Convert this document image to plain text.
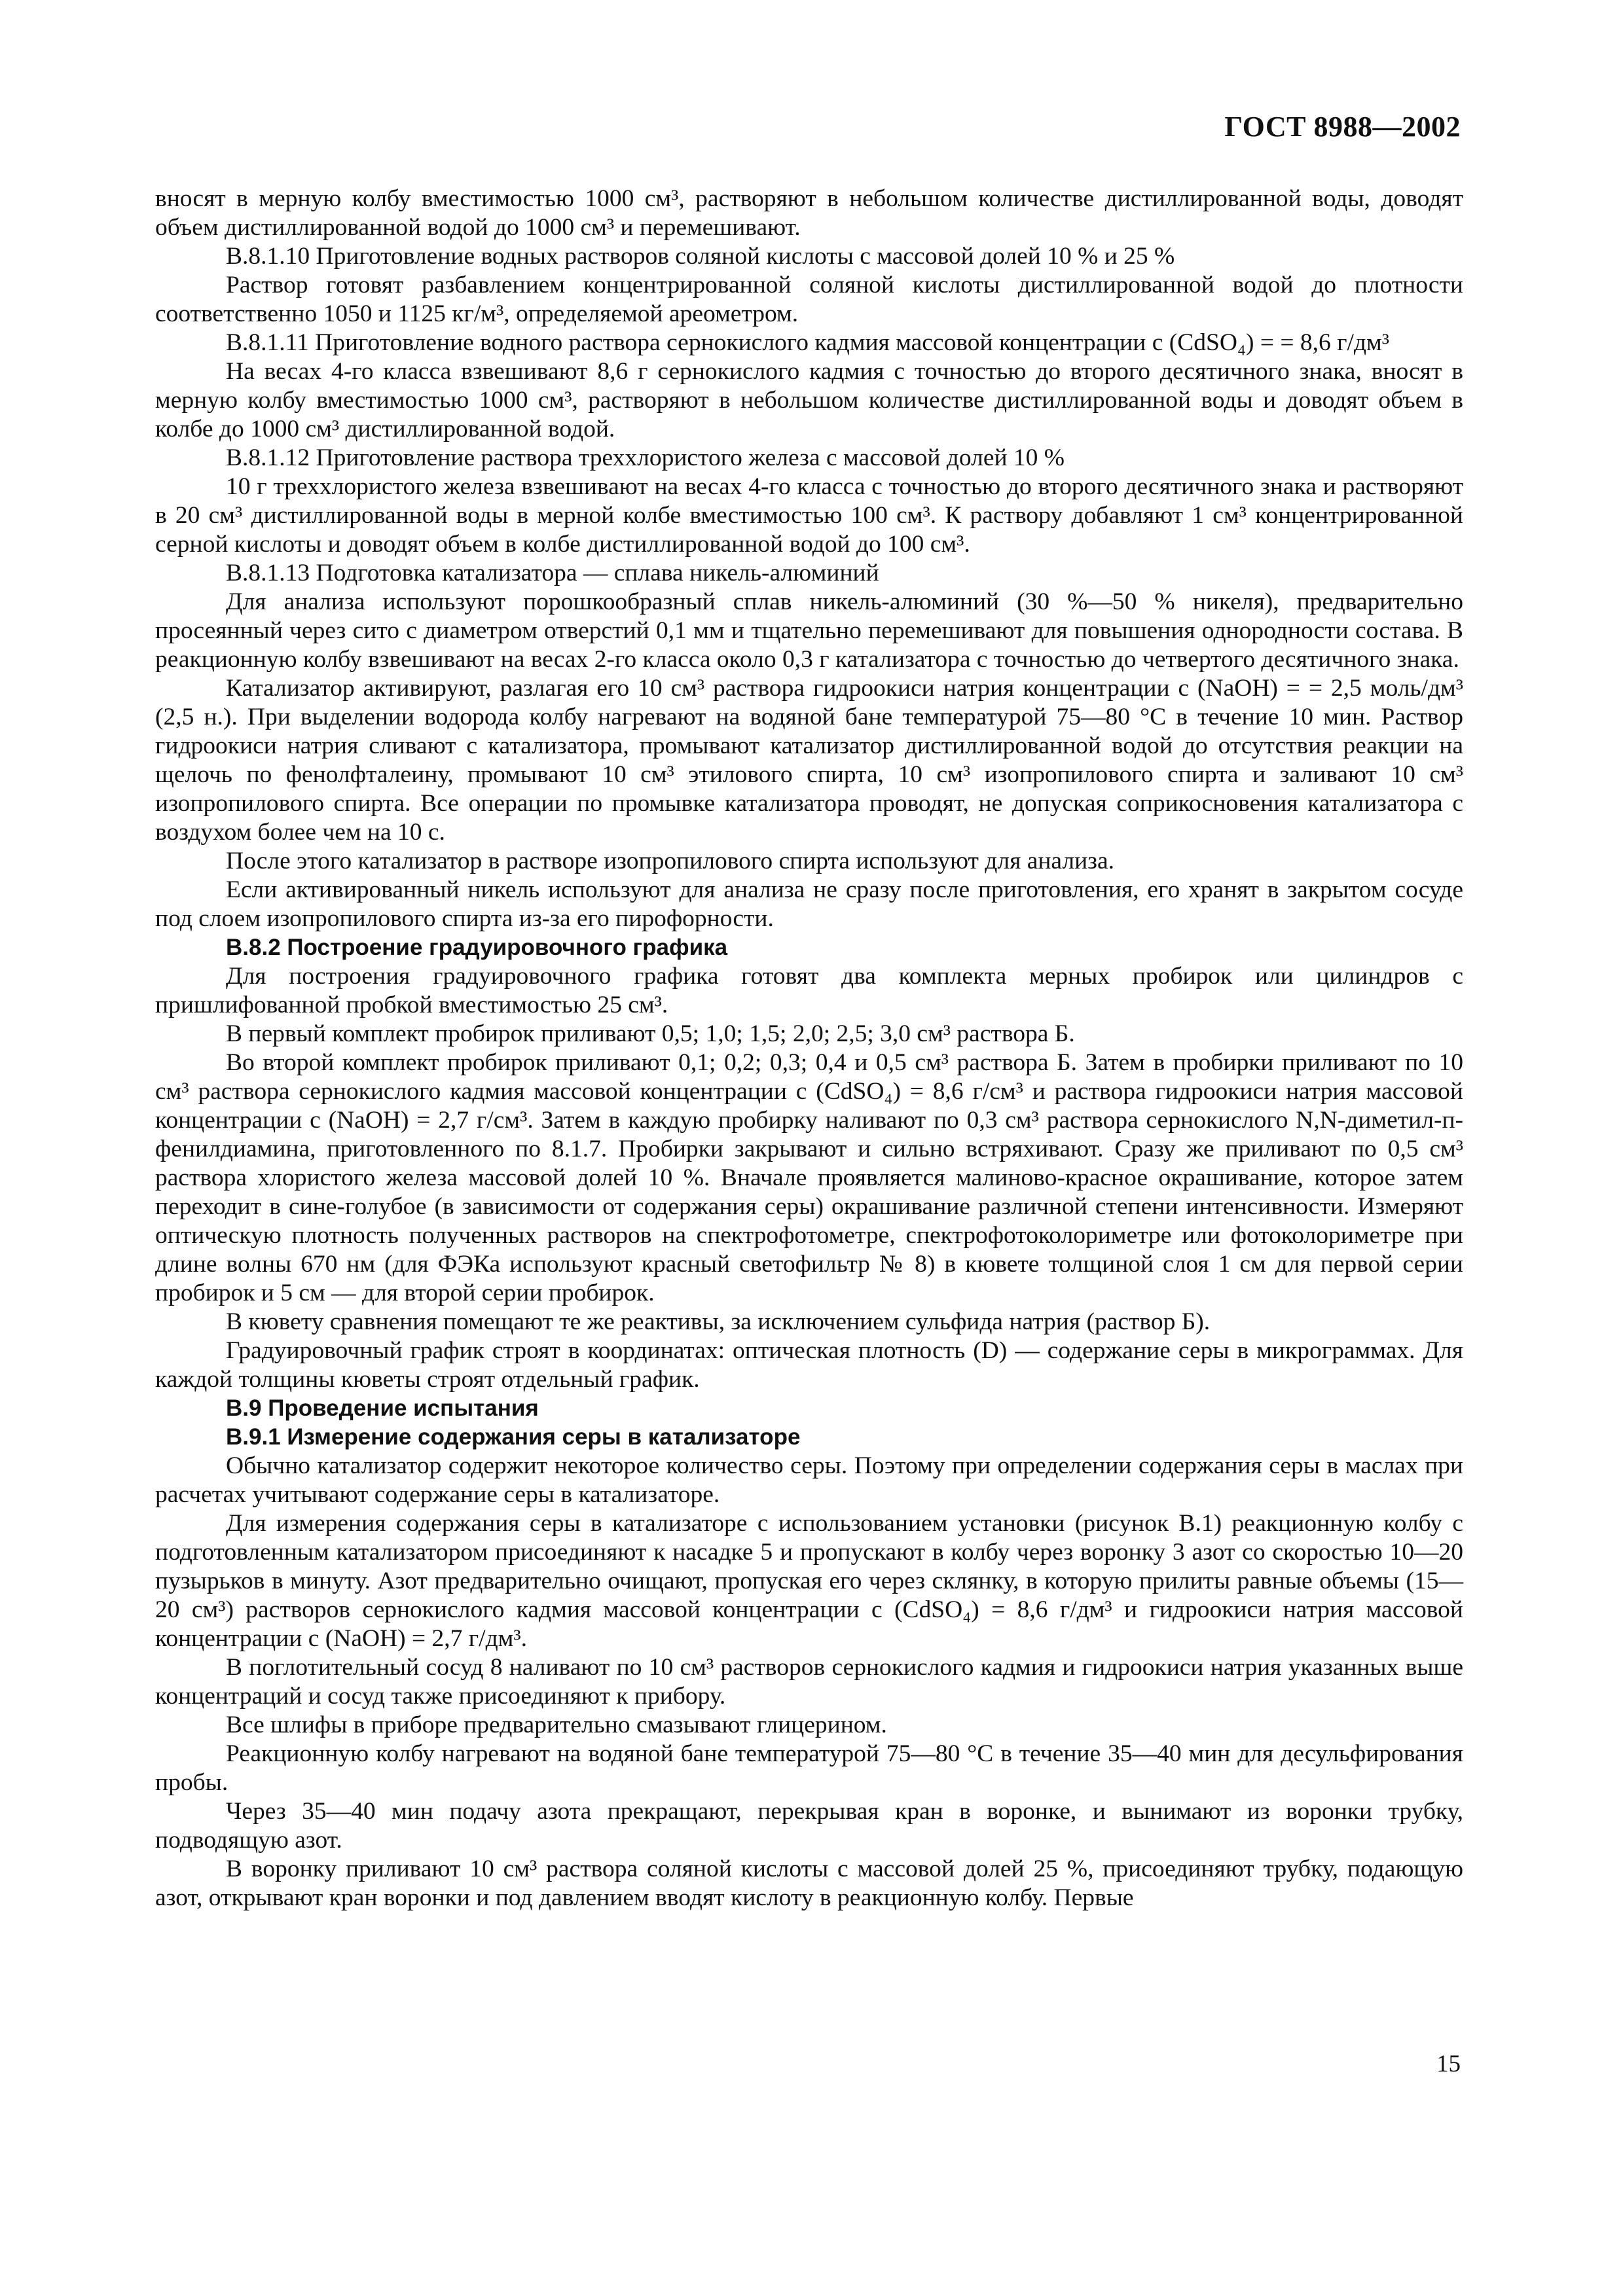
ГОСТ 8988—2002

вносят в мерную колбу вместимостью 1000 см³, растворяют в небольшом количестве дистиллированной воды, доводят объем дистиллированной водой до 1000 см³ и перемешивают.

В.8.1.10 Приготовление водных растворов соляной кислоты с массовой долей 10 % и 25 %

Раствор готовят разбавлением концентрированной соляной кислоты дистиллированной водой до плотности соответственно 1050 и 1125 кг/м³, определяемой ареометром.

В.8.1.11 Приготовление водного раствора сернокислого кадмия массовой концентрации c (CdSO₄) = = 8,6 г/дм³

На весах 4-го класса взвешивают 8,6 г сернокислого кадмия с точностью до второго десятичного знака, вносят в мерную колбу вместимостью 1000 см³, растворяют в небольшом количестве дистиллированной воды и доводят объем в колбе до 1000 см³ дистиллированной водой.

В.8.1.12 Приготовление раствора треххлористого железа с массовой долей 10 %

10 г треххлористого железа взвешивают на весах 4-го класса с точностью до второго десятичного знака и растворяют в 20 см³ дистиллированной воды в мерной колбе вместимостью 100 см³. К раствору добавляют 1 см³ концентрированной серной кислоты и доводят объем в колбе дистиллированной водой до 100 см³.

В.8.1.13 Подготовка катализатора — сплава никель-алюминий

Для анализа используют порошкообразный сплав никель-алюминий (30 %—50 % никеля), предварительно просеянный через сито с диаметром отверстий 0,1 мм и тщательно перемешивают для повышения однородности состава. В реакционную колбу взвешивают на весах 2-го класса около 0,3 г катализатора с точностью до четвертого десятичного знака.

Катализатор активируют, разлагая его 10 см³ раствора гидроокиси натрия концентрации c (NaOH) = = 2,5 моль/дм³ (2,5 н.). При выделении водорода колбу нагревают на водяной бане температурой 75—80 °С в течение 10 мин. Раствор гидроокиси натрия сливают с катализатора, промывают катализатор дистиллированной водой до отсутствия реакции на щелочь по фенолфталеину, промывают 10 см³ этилового спирта, 10 см³ изопропилового спирта и заливают 10 см³ изопропилового спирта. Все операции по промывке катализатора проводят, не допуская соприкосновения катализатора с воздухом более чем на 10 с.

После этого катализатор в растворе изопропилового спирта используют для анализа.

Если активированный никель используют для анализа не сразу после приготовления, его хранят в закрытом сосуде под слоем изопропилового спирта из-за его пирофорности.

В.8.2 Построение градуировочного графика

Для построения градуировочного графика готовят два комплекта мерных пробирок или цилиндров с пришлифованной пробкой вместимостью 25 см³.

В первый комплект пробирок приливают 0,5; 1,0; 1,5; 2,0; 2,5; 3,0 см³ раствора Б.

Во второй комплект пробирок приливают 0,1; 0,2; 0,3; 0,4 и 0,5 см³ раствора Б. Затем в пробирки приливают по 10 см³ раствора сернокислого кадмия массовой концентрации c (CdSO₄) = 8,6 г/см³ и раствора гидроокиси натрия массовой концентрации c (NaOH) = 2,7 г/см³. Затем в каждую пробирку наливают по 0,3 см³ раствора сернокислого N,N-диметил-п-фенилдиамина, приготовленного по 8.1.7. Пробирки закрывают и сильно встряхивают. Сразу же приливают по 0,5 см³ раствора хлористого железа массовой долей 10 %. Вначале проявляется малиново-красное окрашивание, которое затем переходит в сине-голубое (в зависимости от содержания серы) окрашивание различной степени интенсивности. Измеряют оптическую плотность полученных растворов на спектрофотометре, спектрофотоколориметре или фотоколориметре при длине волны 670 нм (для ФЭКа используют красный светофильтр № 8) в кювете толщиной слоя 1 см для первой серии пробирок и 5 см — для второй серии пробирок.

В кювету сравнения помещают те же реактивы, за исключением сульфида натрия (раствор Б).

Градуировочный график строят в координатах: оптическая плотность (D) — содержание серы в микрограммах. Для каждой толщины кюветы строят отдельный график.

В.9 Проведение испытания

В.9.1 Измерение содержания серы в катализаторе

Обычно катализатор содержит некоторое количество серы. Поэтому при определении содержания серы в маслах при расчетах учитывают содержание серы в катализаторе.

Для измерения содержания серы в катализаторе с использованием установки (рисунок В.1) реакционную колбу с подготовленным катализатором присоединяют к насадке 5 и пропускают в колбу через воронку 3 азот со скоростью 10—20 пузырьков в минуту. Азот предварительно очищают, пропуская его через склянку, в которую прилиты равные объемы (15—20 см³) растворов сернокислого кадмия массовой концентрации c (CdSO₄) = 8,6 г/дм³ и гидроокиси натрия массовой концентрации c (NaOH) = 2,7 г/дм³.

В поглотительный сосуд 8 наливают по 10 см³ растворов сернокислого кадмия и гидроокиси натрия указанных выше концентраций и сосуд также присоединяют к прибору.

Все шлифы в приборе предварительно смазывают глицерином.

Реакционную колбу нагревают на водяной бане температурой 75—80 °С в течение 35—40 мин для десульфирования пробы.

Через 35—40 мин подачу азота прекращают, перекрывая кран в воронке, и вынимают из воронки трубку, подводящую азот.

В воронку приливают 10 см³ раствора соляной кислоты с массовой долей 25 %, присоединяют трубку, подающую азот, открывают кран воронки и под давлением вводят кислоту в реакционную колбу. Первые

15
